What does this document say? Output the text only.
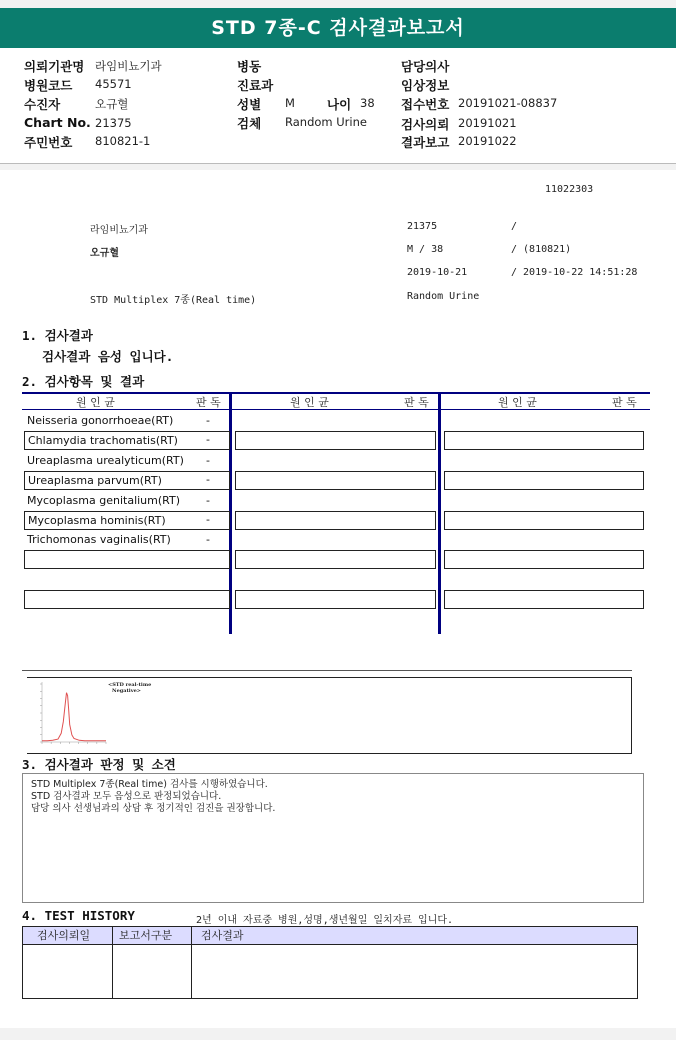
STD 7종-C 검사결과보고서
의뢰기관명 라임비뇨기과
병원코드 45571
수진자	오규혈
Chart No. 21375
주민번호 810821-1
병동
진료과
성별 M	나이 38
검체 Random Urine
담당의사
임상정보
접수번호 20191021-08837
검사의뢰 20191021
결과보고 20191022
11022303
라임비뇨기과	21375	/
오규혈	M / 38	/ (810821)
2019-10-21	/ 2019-10-22 14:51:28
STD Multiplex 7종(Real time)	Random Urine
1. 검사결과
검사결과 음성 입니다.
2. 검사항목 및 결과
원 인 균	판 독	원 인 균	판 독	원 인 균	판 독
Neisseria gonorrhoeae(RT)	-
Chlamydia trachomatis(RT)	-
Ureaplasma urealyticum(RT)	-
Ureaplasma parvum(RT)	-
Mycoplasma genitalium(RT)	-
Mycoplasma hominis(RT)	-
Trichomonas vaginalis(RT)	-
<STD real-time
Negative>
3. 검사결과 판정 및 소견
STD Multiplex 7종(Real time) 검사를 시행하였습니다.
STD 검사결과 모두 음성으로 판정되었습니다.
담당 의사 선생님과의 상담 후 정기적인 검진을 권장합니다.
4. TEST HISTORY	2년 이내 자료중 병원,성명,생년월일 일치자료 입니다.
검사의뢰일	보고서구분	검사결과
